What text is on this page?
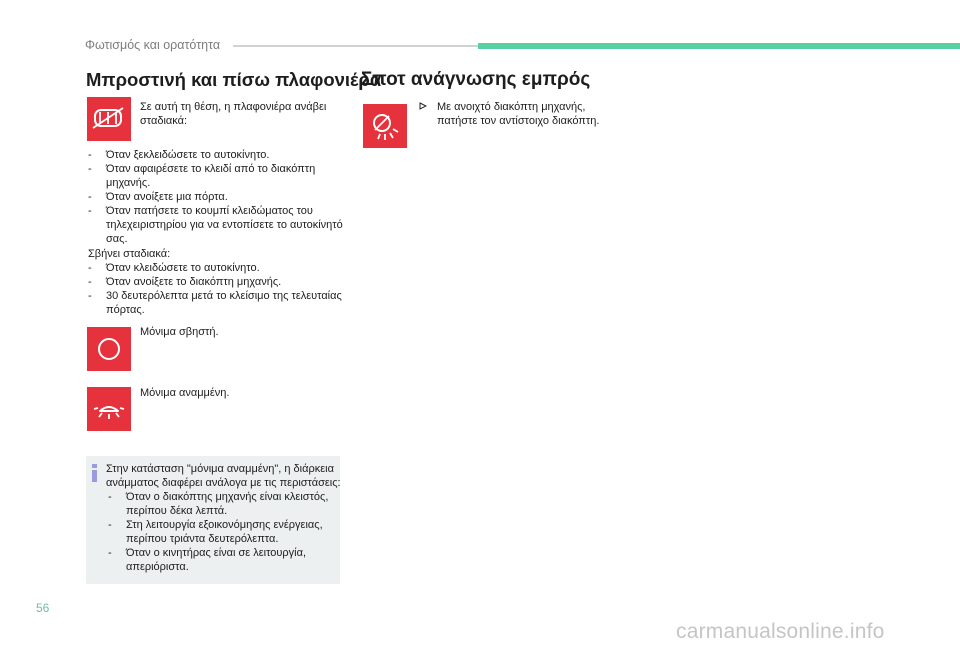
Φωτισμός και ορατότητα
Μπροστινή και πίσω πλαφονιέρα
Σε αυτή τη θέση, η πλαφονιέρα ανάβει
σταδιακά:
- Όταν ξεκλειδώσετε το αυτοκίνητο.
- Όταν αφαιρέσετε το κλειδί από το διακόπτη
μηχανής.
- Όταν ανοίξετε μια πόρτα.
- Όταν πατήσετε το κουμπί κλειδώματος του
τηλεχειριστηρίου για να εντοπίσετε το αυτοκίνητό
σας.
Σβήνει σταδιακά:
- Όταν κλειδώσετε το αυτοκίνητο.
- Όταν ανοίξετε το διακόπτη μηχανής.
- 30 δευτερόλεπτα μετά το κλείσιμο της τελευταίας
πόρτας.
Μόνιμα σβηστή.
Μόνιμα αναμμένη.
Στην κατάσταση "μόνιμα αναμμένη", η διάρκεια
ανάμματος διαφέρει ανάλογα με τις περιστάσεις:
- Όταν ο διακόπτης μηχανής είναι κλειστός,
περίπου δέκα λεπτά.
- Στη λειτουργία εξοικονόμησης ενέργειας,
περίπου τριάντα δευτερόλεπτα.
- Όταν ο κινητήρας είναι σε λειτουργία,
απεριόριστα.
Σποτ ανάγνωσης εμπρός
Με ανοιχτό διακόπτη μηχανής,
πατήστε τον αντίστοιχο διακόπτη.
56
carmanualsonline.info
